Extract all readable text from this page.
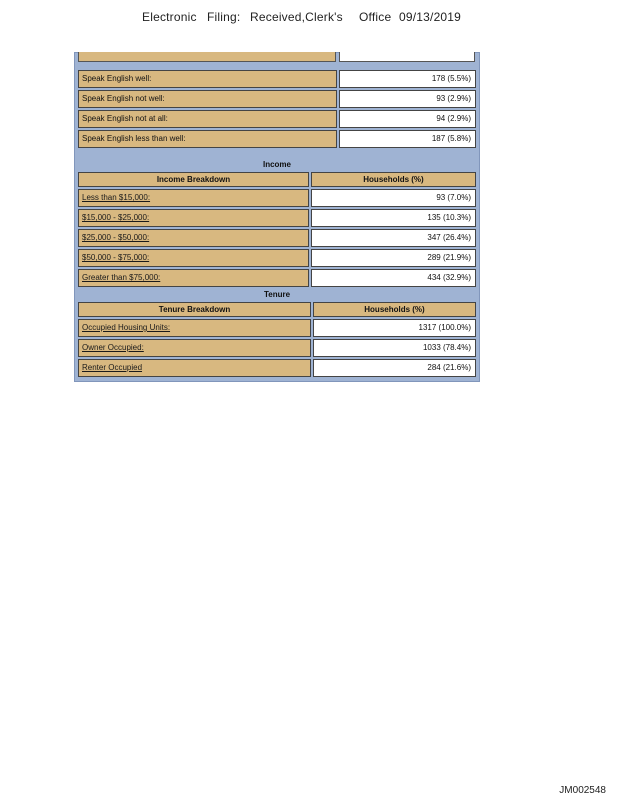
Electronic Filing: Received,Clerk's Office 09/13/2019
Speak English well:	178 (5.5%)
Speak English not well:	93 (2.9%)
Speak English not at all:	94 (2.9%)
Speak English less than well:	187 (5.8%)
Income
Income Breakdown	Households (%)
Less than $15,000:	93 (7.0%)
$15,000 - $25,000:	135 (10.3%)
$25,000 - $50,000:	347 (26.4%)
$50,000 - $75,000:	289 (21.9%)
Greater than $75,000:	434 (32.9%)
Tenure
Tenure Breakdown	Households (%)
Occupied Housing Units:	1317 (100.0%)
Owner Occupied:	1033 (78.4%)
Renter Occupied	284 (21.6%)
JM002548
